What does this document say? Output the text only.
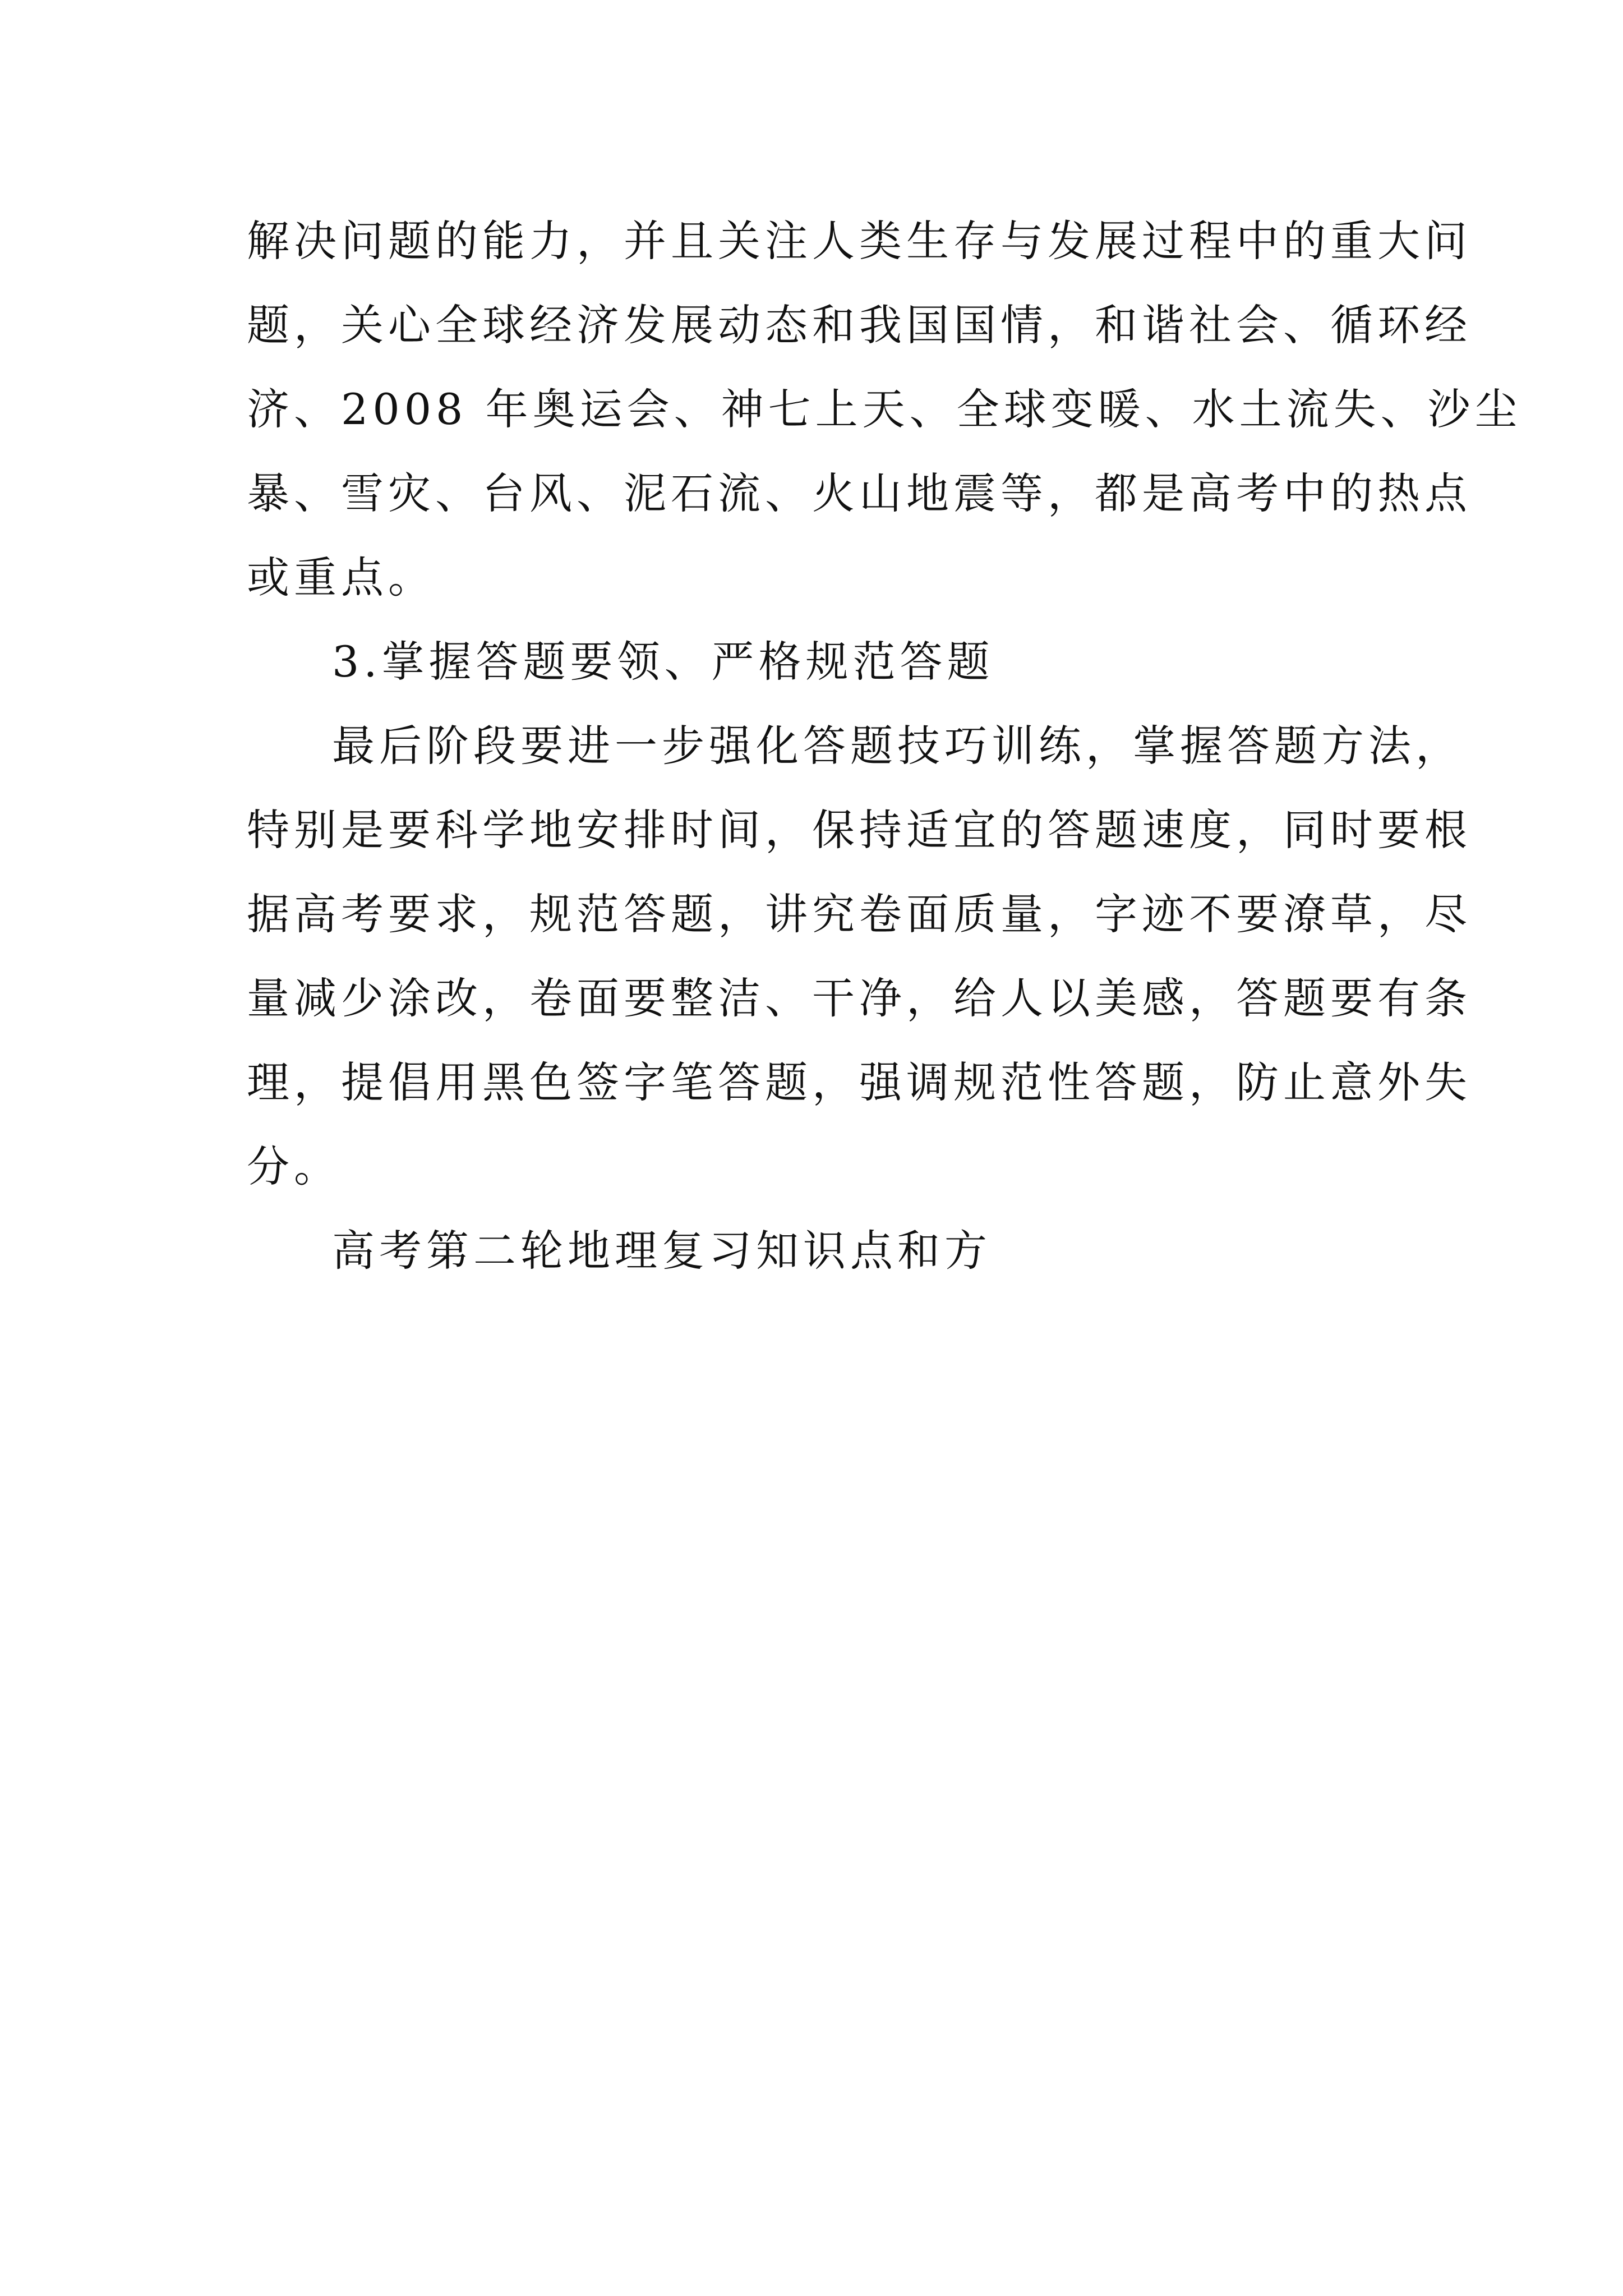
解决问题的能力，并且关注人类生存与发展过程中的重大问
题，关心全球经济发展动态和我国国情，和谐社会、循环经
济、2008 年奥运会、神七上天、全球变暖、水土流失、沙尘
暴、雪灾、台风、泥石流、火山地震等，都是高考中的热点
或重点。
3.掌握答题要领、严格规范答题
最后阶段要进一步强化答题技巧训练，掌握答题方法，
特别是要科学地安排时间，保持适宜的答题速度，同时要根
据高考要求，规范答题，讲究卷面质量，字迹不要潦草，尽
量减少涂改，卷面要整洁、干净，给人以美感，答题要有条
理，提倡用黑色签字笔答题，强调规范性答题，防止意外失
分。
高考第二轮地理复习知识点和方
